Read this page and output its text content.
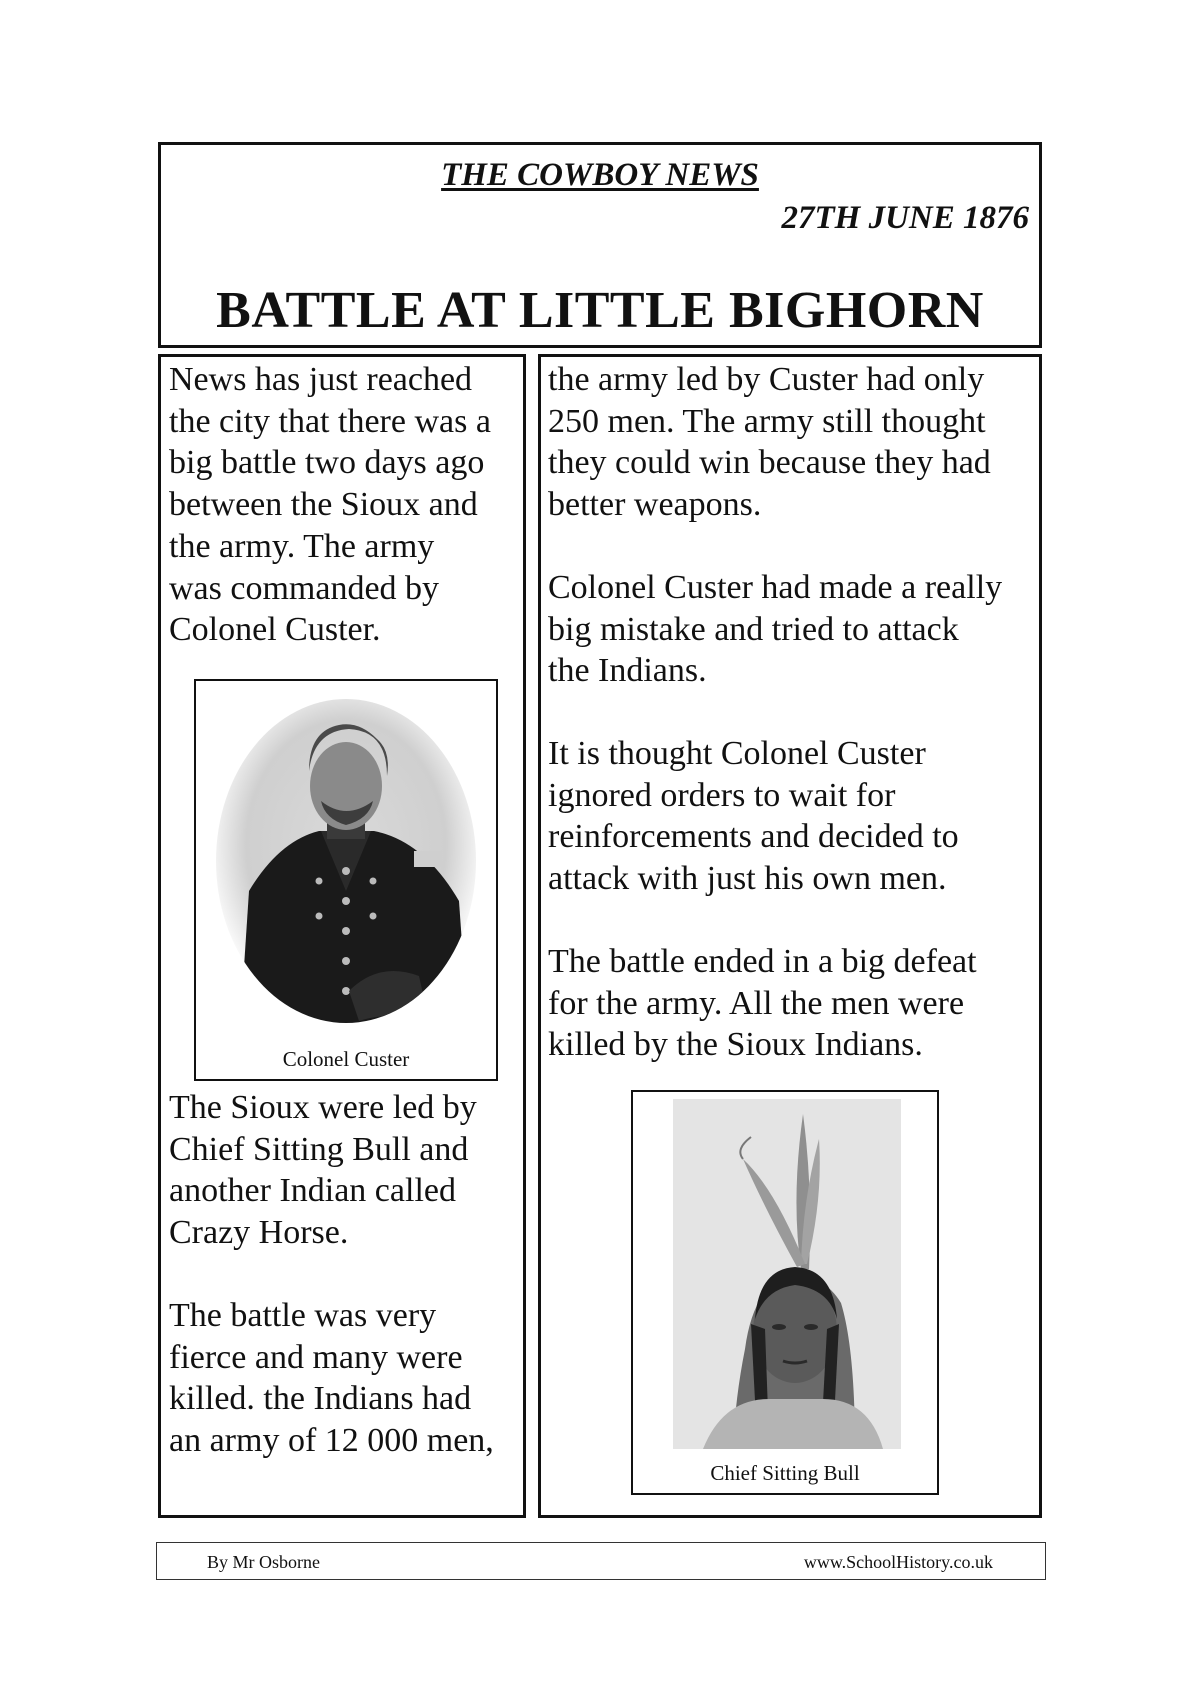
THE COWBOY NEWS
27TH JUNE 1876
BATTLE AT LITTLE BIGHORN
News has just reached
the city that there was a
big battle two days ago
between the Sioux and
the army. The army
was commanded by
Colonel Custer.
Colonel Custer
The Sioux were led by
Chief Sitting Bull and
another Indian called
Crazy Horse.
The battle was very
fierce and many were
killed. the Indians had
an army of 12 000 men,
the army led by Custer had only
250 men. The army still thought
they could win because they had
better weapons.
Colonel Custer had made a really
big mistake and tried to attack
the Indians.
It is thought Colonel Custer
ignored orders to wait for
reinforcements and decided to
attack with just his own men.
The battle ended in a big defeat
for the army. All the men were
killed by the Sioux Indians.
Chief Sitting Bull
By Mr Osborne	www.SchoolHistory.co.uk
